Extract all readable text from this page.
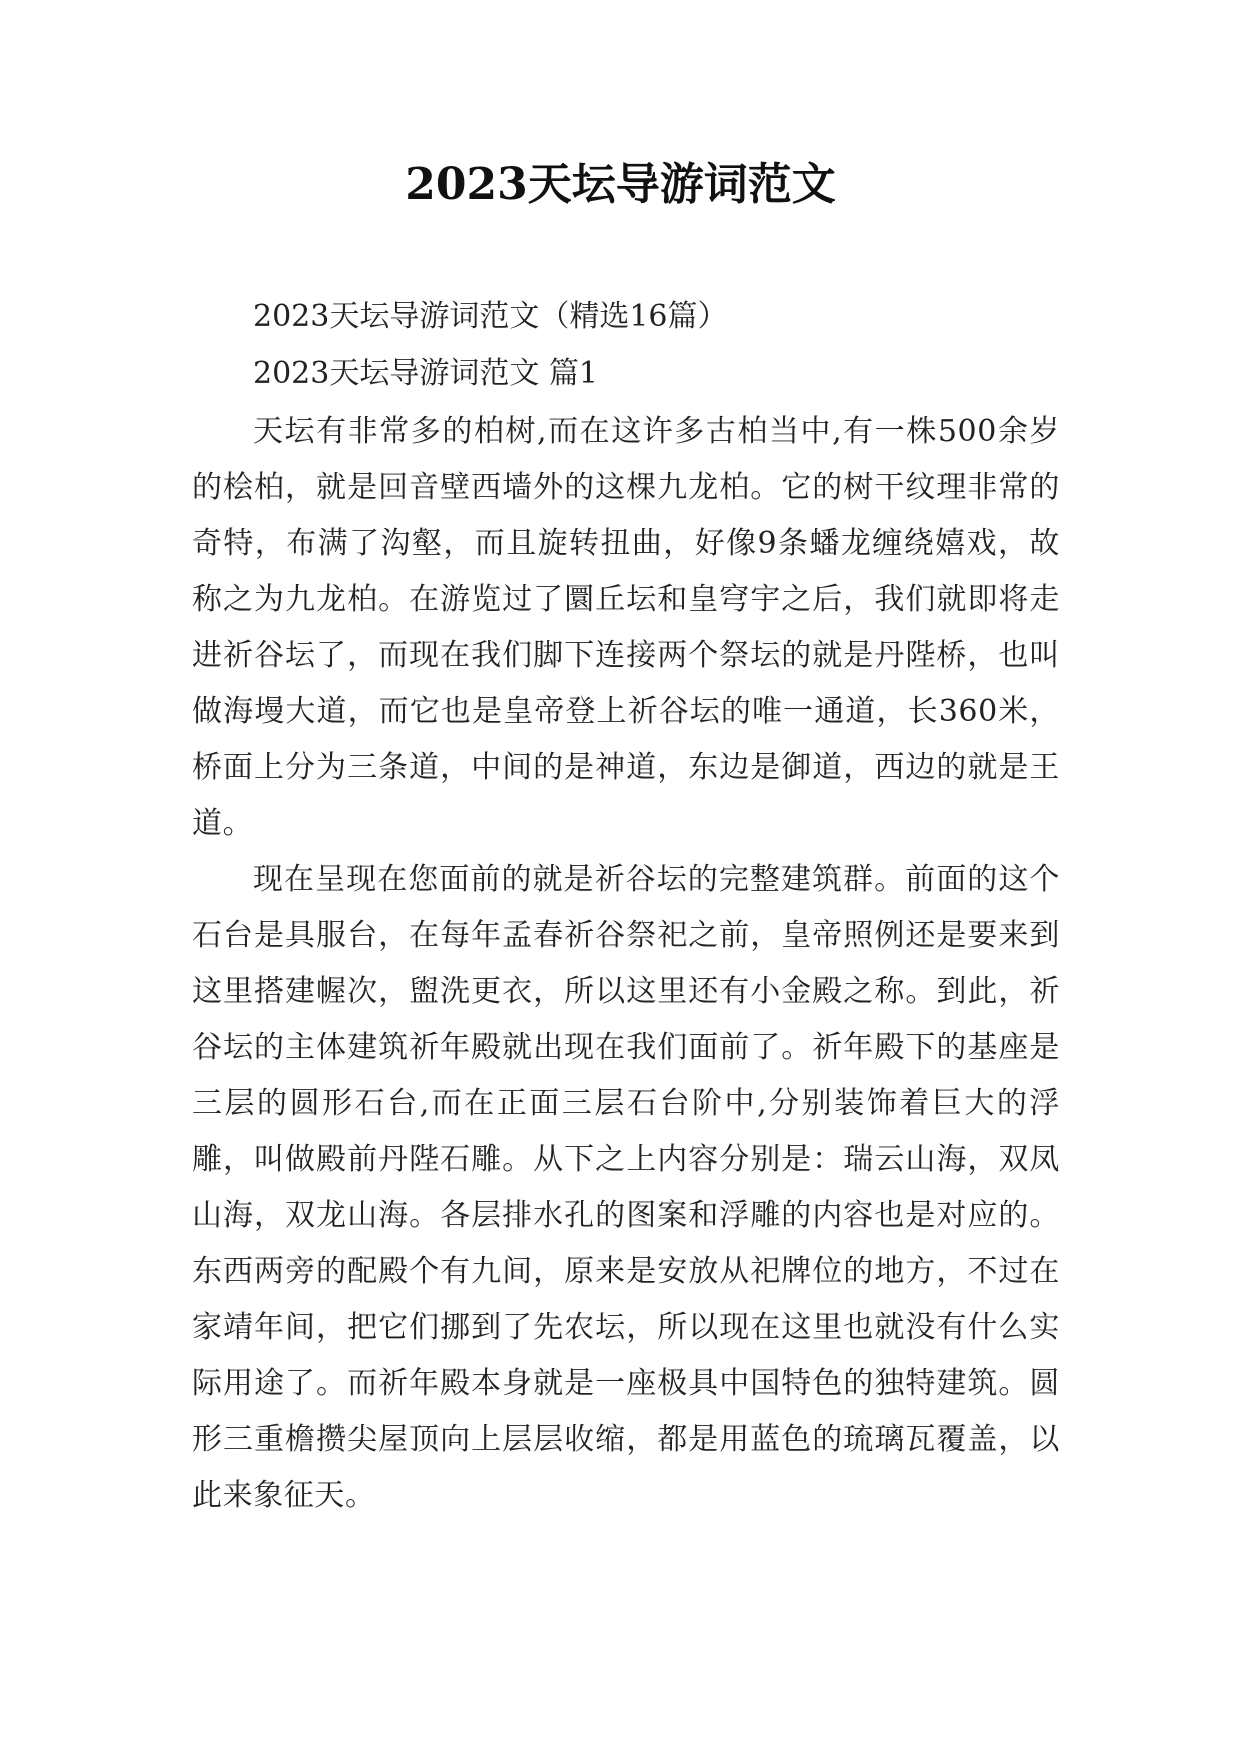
2023天坛导游词范文

2023天坛导游词范文（精选16篇）

2023天坛导游词范文 篇1

天坛有非常多的柏树,而在这许多古柏当中,有一株500余岁的桧柏，就是回音壁西墙外的这棵九龙柏。它的树干纹理非常的奇特，布满了沟壑，而且旋转扭曲，好像9条蟠龙缠绕嬉戏，故称之为九龙柏。在游览过了圜丘坛和皇穹宇之后，我们就即将走进祈谷坛了，而现在我们脚下连接两个祭坛的就是丹陛桥，也叫做海墁大道，而它也是皇帝登上祈谷坛的唯一通道，长360米，桥面上分为三条道，中间的是神道，东边是御道，西边的就是王道。

现在呈现在您面前的就是祈谷坛的完整建筑群。前面的这个石台是具服台，在每年孟春祈谷祭祀之前，皇帝照例还是要来到这里搭建幄次，盥洗更衣，所以这里还有小金殿之称。到此，祈谷坛的主体建筑祈年殿就出现在我们面前了。祈年殿下的基座是三层的圆形石台,而在正面三层石台阶中,分别装饰着巨大的浮雕，叫做殿前丹陛石雕。从下之上内容分别是：瑞云山海，双凤山海，双龙山海。各层排水孔的图案和浮雕的内容也是对应的。东西两旁的配殿个有九间，原来是安放从祀牌位的地方，不过在家靖年间，把它们挪到了先农坛，所以现在这里也就没有什么实际用途了。而祈年殿本身就是一座极具中国特色的独特建筑。圆形三重檐攒尖屋顶向上层层收缩，都是用蓝色的琉璃瓦覆盖，以此来象征天。
